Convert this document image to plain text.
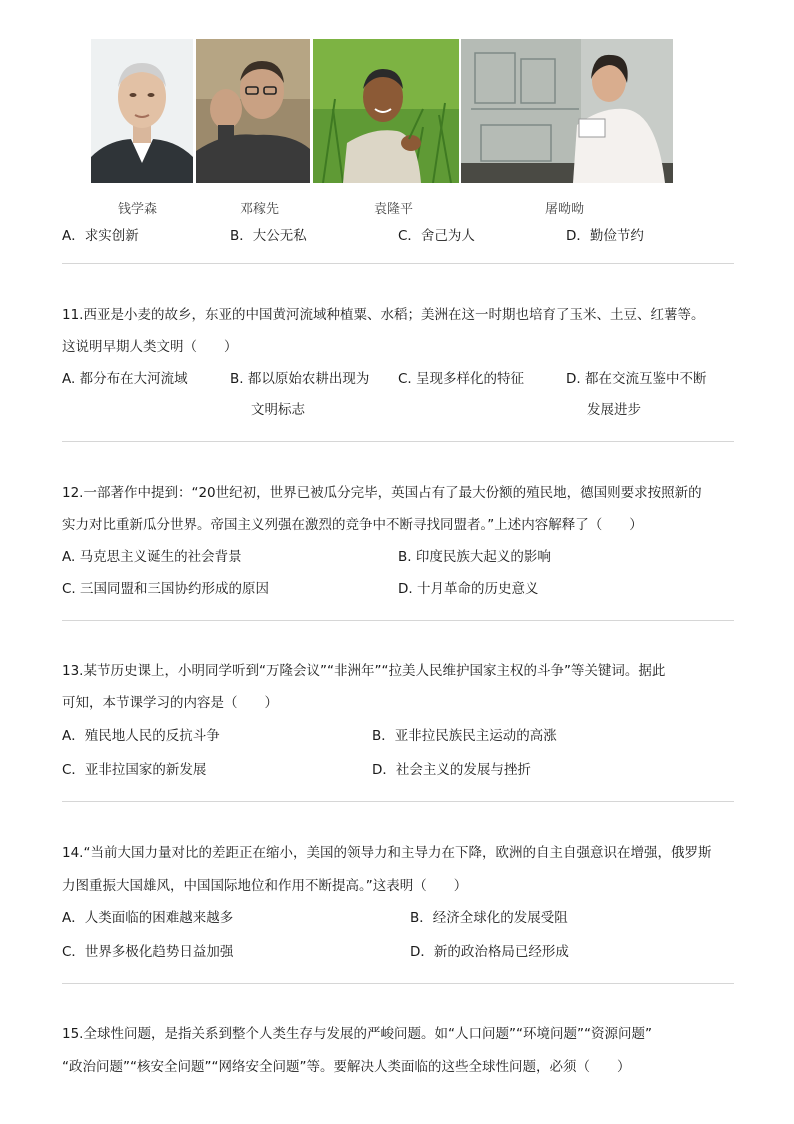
钱学森	邓稼先	袁隆平	屠呦呦
A．求实创新	B．大公无私	C．舍己为人	D．勤俭节约
11.西亚是小麦的故乡，东亚的中国黄河流域种植粟、水稻；美洲在这一时期也培育了玉米、土豆、红薯等。
这说明早期人类文明（　　）
A. 都分布在大河流域	B. 都以原始农耕出现为
文明标志
C. 呈现多样化的特征	D. 都在交流互鉴中不断
发展进步
12.一部著作中提到：“20世纪初，世界已被瓜分完毕，英国占有了最大份额的殖民地，德国则要求按照新的
实力对比重新瓜分世界。帝国主义列强在激烈的竞争中不断寻找同盟者。”上述内容解释了（　　）
A. 马克思主义诞生的社会背景	B. 印度民族大起义的影响
C. 三国同盟和三国协约形成的原因	D. 十月革命的历史意义
13.某节历史课上，小明同学听到“万隆会议”“非洲年”“拉美人民维护国家主权的斗争”等关键词。据此
可知，本节课学习的内容是（　　）
A．殖民地人民的反抗斗争	B．亚非拉民族民主运动的高涨
C．亚非拉国家的新发展	D．社会主义的发展与挫折
14.“当前大国力量对比的差距正在缩小，美国的领导力和主导力在下降，欧洲的自主自强意识在增强，俄罗斯
力图重振大国雄风，中国国际地位和作用不断提高。”这表明（　　）
A．人类面临的困难越来越多	B．经济全球化的发展受阻
C．世界多极化趋势日益加强	D．新的政治格局已经形成
15.全球性问题，是指关系到整个人类生存与发展的严峻问题。如“人口问题”“环境问题”“资源问题”
“政治问题”“核安全问题”“网络安全问题”等。要解决人类面临的这些全球性问题，必须（　　）
